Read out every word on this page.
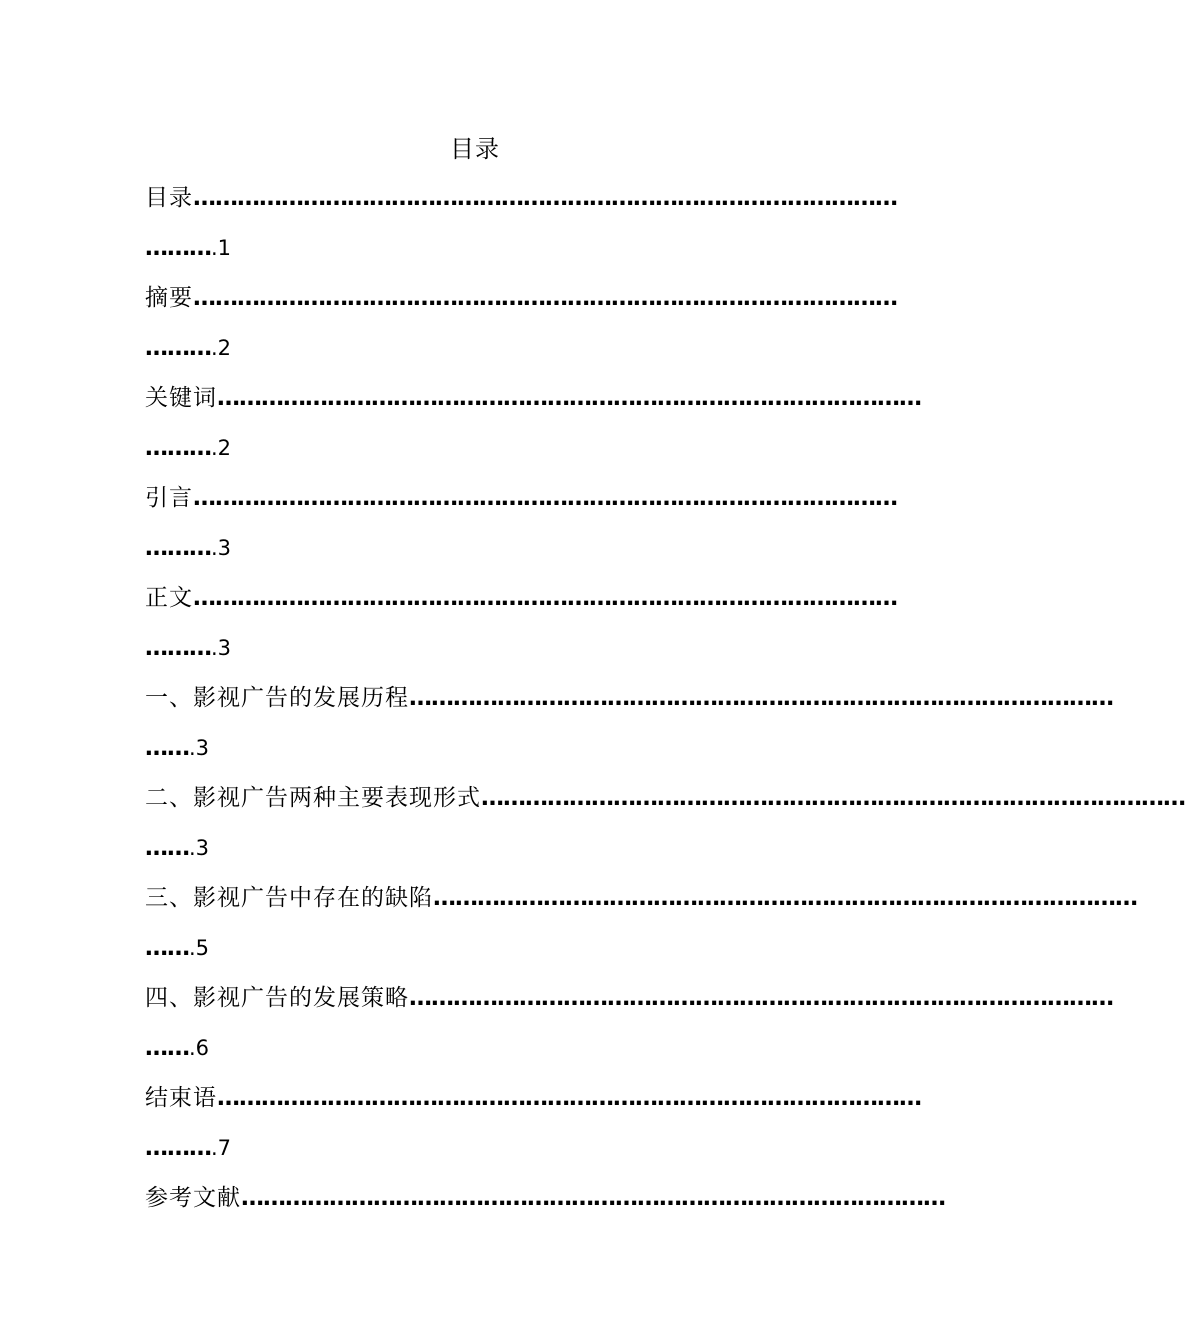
目录
目录 ……………………………………………………………………………………
……….1
摘要 ……………………………………………………………………………………
……….2
关键词 ……………………………………………………………………………………
……….2
引言 ……………………………………………………………………………………
……….3
正文 ……………………………………………………………………………………
……….3
一、影视广告的发展历程 ……………………………………………………………………………………
…….3
二、影视广告两种主要表现形式 ……………………………………………………………………………………
…….3
三、影视广告中存在的缺陷 ……………………………………………………………………………………
…….5
四、影视广告的发展策略 ……………………………………………………………………………………
…….6
结束语 ……………………………………………………………………………………
……….7
参考文献 ……………………………………………………………………………………
